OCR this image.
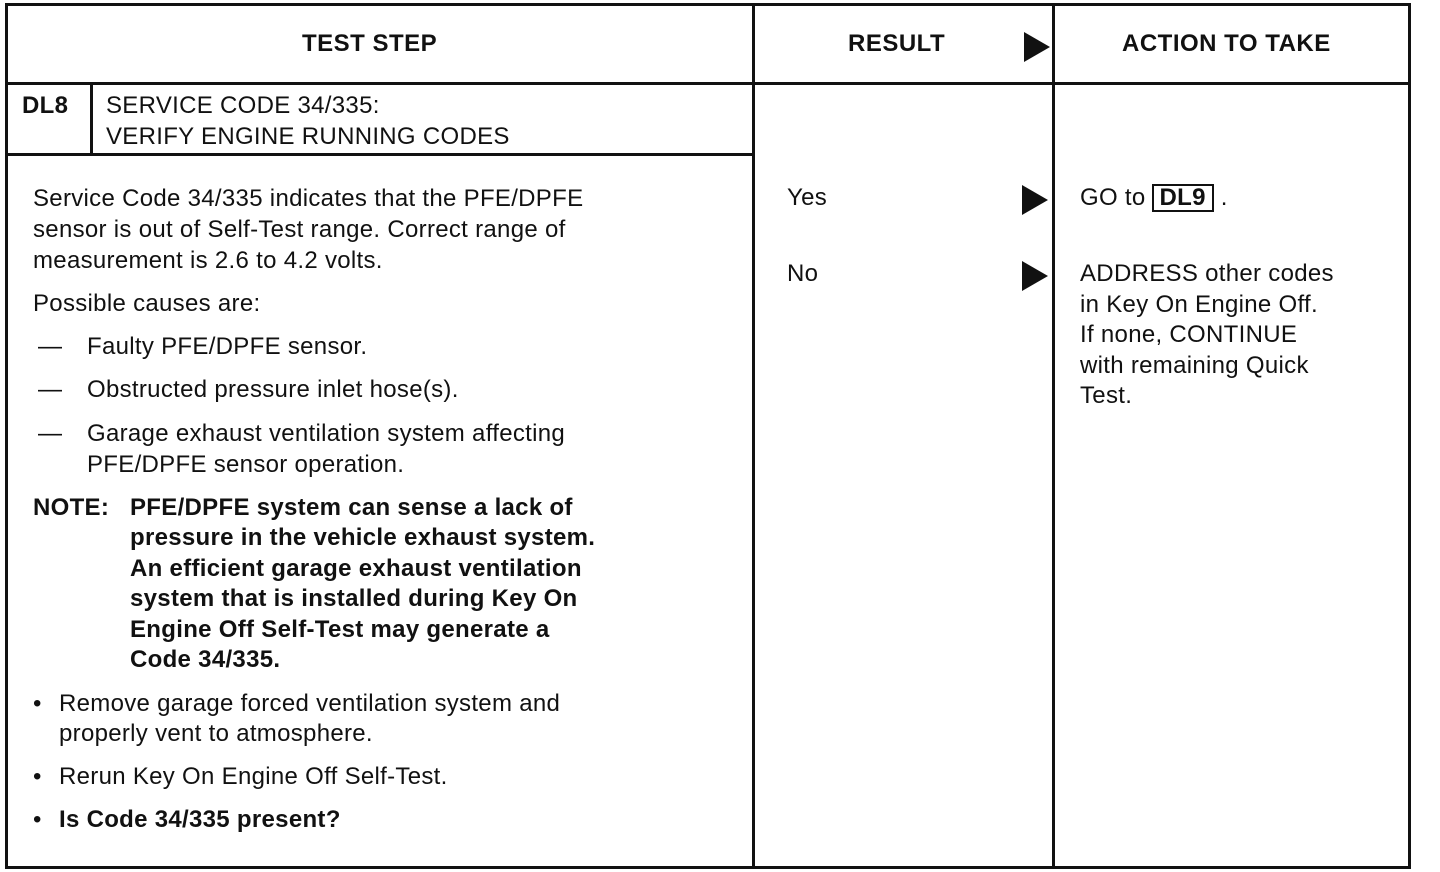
TEST STEP	RESULT	ACTION TO TAKE
DL8 SERVICE CODE 34/335:
VERIFY ENGINE RUNNING CODES
Service Code 34/335 indicates that the PFE/DPFE
sensor is out of Self-Test range. Correct range of
measurement is 2.6 to 4.2 volts.
Possible causes are:
— Faulty PFE/DPFE sensor.
— Obstructed pressure inlet hose(s).
— Garage exhaust ventilation system affecting
PFE/DPFE sensor operation.
NOTE: PFE/DPFE system can sense a lack of
pressure in the vehicle exhaust system.
An efficient garage exhaust ventilation
system that is installed during Key On
Engine Off Self-Test may generate a
Code 34/335.
• Remove garage forced ventilation system and
properly vent to atmosphere.
• Rerun Key On Engine Off Self-Test.
• Is Code 34/335 present?
Yes
No
GO to DL9 .
ADDRESS other codes
in Key On Engine Off.
If none, CONTINUE
with remaining Quick
Test.
